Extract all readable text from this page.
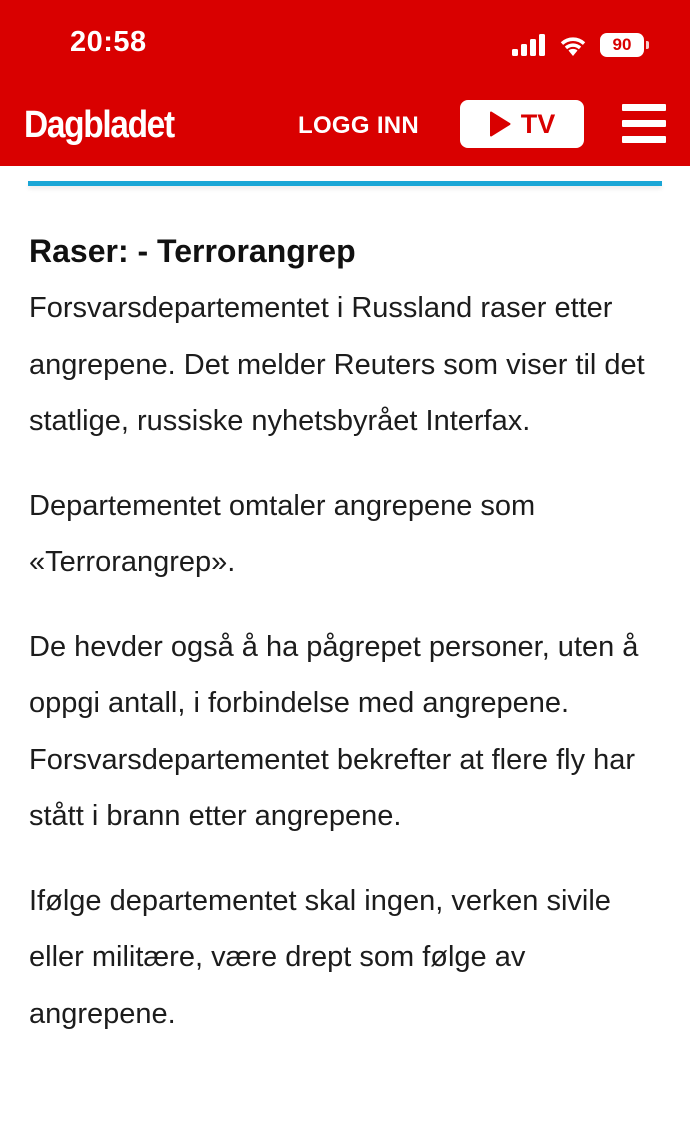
20:58	90
Dagbladet	LOGG INN	TV
Raser: - Terrorangrep

Forsvarsdepartementet i Russland raser etter angrepene. Det melder Reuters som viser til det statlige, russiske nyhetsbyrået Interfax.

Departementet omtaler angrepene som «Terrorangrep».

De hevder også å ha pågrepet personer, uten å oppgi antall, i forbindelse med angrepene. Forsvarsdepartementet bekrefter at flere fly har stått i brann etter angrepene.

Ifølge departementet skal ingen, verken sivile eller militære, være drept som følge av angrepene.
